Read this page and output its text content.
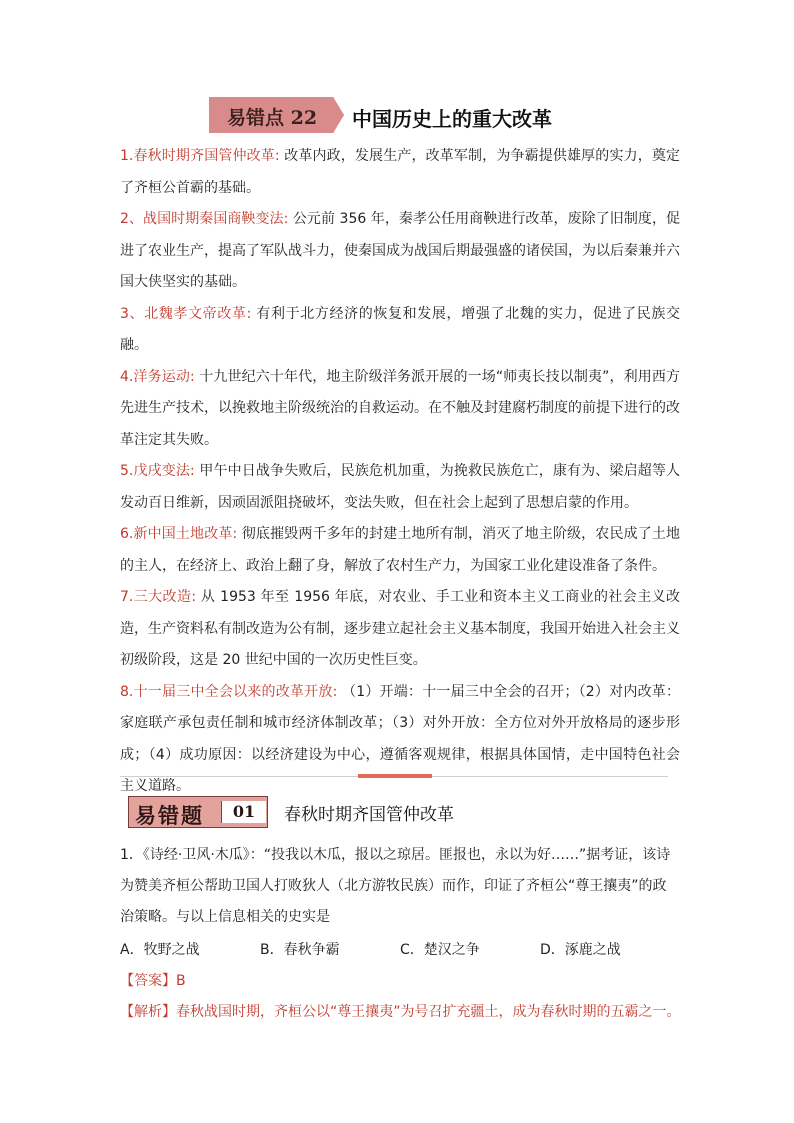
易错点 22 中国历史上的重大改革

1.春秋时期齐国管仲改革: 改革内政，发展生产，改革军制，为争霸提供雄厚的实力，奠定了齐桓公首霸的基础。

2、战国时期秦国商鞅变法: 公元前 356 年，秦孝公任用商鞅进行改革，废除了旧制度，促进了农业生产，提高了军队战斗力，使秦国成为战国后期最强盛的诸侯国，为以后秦兼并六国大侠坚实的基础。

3、北魏孝文帝改革: 有利于北方经济的恢复和发展，增强了北魏的实力，促进了民族交融。

4.洋务运动: 十九世纪六十年代，地主阶级洋务派开展的一场“师夷长技以制夷”，利用西方先进生产技术，以挽救地主阶级统治的自救运动。在不触及封建腐朽制度的前提下进行的改革注定其失败。

5.戊戌变法: 甲午中日战争失败后，民族危机加重，为挽救民族危亡，康有为、梁启超等人发动百日维新，因顽固派阻挠破坏，变法失败，但在社会上起到了思想启蒙的作用。

6.新中国土地改革: 彻底摧毁两千多年的封建土地所有制，消灭了地主阶级，农民成了土地的主人，在经济上、政治上翻了身，解放了农村生产力，为国家工业化建设准备了条件。

7.三大改造: 从 1953 年至 1956 年底，对农业、手工业和资本主义工商业的社会主义改造，生产资料私有制改造为公有制，逐步建立起社会主义基本制度，我国开始进入社会主义初级阶段，这是 20 世纪中国的一次历史性巨变。

8.十一届三中全会以来的改革开放: （1）开端：十一届三中全会的召开；（2）对内改革：家庭联产承包责任制和城市经济体制改革；（3）对外开放：全方位对外开放格局的逐步形成；（4）成功原因：以经济建设为中心，遵循客观规律，根据具体国情，走中国特色社会主义道路。

易错题	01	春秋时期齐国管仲改革

1．《诗经·卫风·木瓜》：“投我以木瓜，报以之琼居。匪报也，永以为好……”据考证，该诗为赞美齐桓公帮助卫国人打败狄人（北方游牧民族）而作，印证了齐桓公“尊王攘夷”的政治策略。与以上信息相关的史实是

A．牧野之战	B．春秋争霸	C．楚汉之争	D．涿鹿之战

【答案】B

【解析】春秋战国时期，齐桓公以“尊王攘夷”为号召扩充疆土，成为春秋时期的五霸之一。
